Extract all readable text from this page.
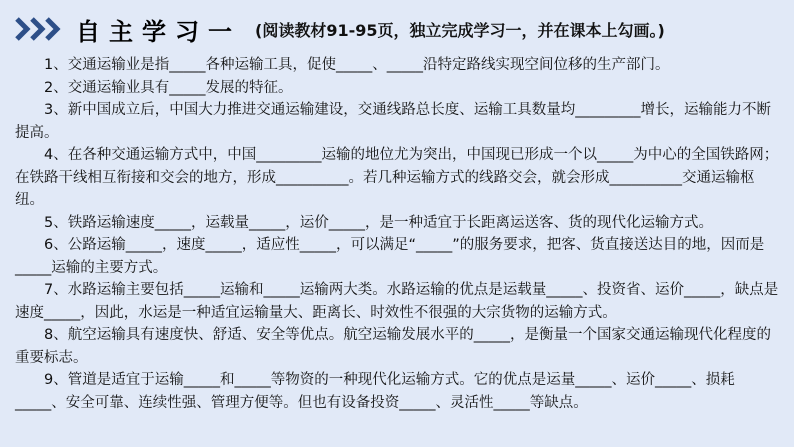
自主学习一 (阅读教材91-95页，独立完成学习一，并在课本上勾画。)

1、交通运输业是指_____各种运输工具，促使_____、_____沿特定路线实现空间位移的生产部门。

2、交通运输业具有_____发展的特征。

3、新中国成立后，中国大力推进交通运输建设，交通线路总长度、运输工具数量均_________增长，运输能力不断提高。

4、在各种交通运输方式中，中国_________运输的地位尤为突出，中国现已形成一个以_____为中心的全国铁路网；在铁路干线相互衔接和交会的地方，形成__________。若几种运输方式的线路交会，就会形成__________交通运输枢纽。

5、铁路运输速度_____，运载量_____，运价_____，是一种适宜于长距离运送客、货的现代化运输方式。

6、公路运输_____，速度_____，适应性_____，可以满足“_____”的服务要求，把客、货直接送达目的地，因而是_____运输的主要方式。

7、水路运输主要包括_____运输和_____运输两大类。水路运输的优点是运载量_____、投资省、运价_____，缺点是速度_____，因此，水运是一种适宜运输量大、距离长、时效性不很强的大宗货物的运输方式。

8、航空运输具有速度快、舒适、安全等优点。航空运输发展水平的_____，是衡量一个国家交通运输现代化程度的重要标志。

9、管道是适宜于运输_____和_____等物资的一种现代化运输方式。它的优点是运量_____、运价_____、损耗_____、安全可靠、连续性强、管理方便等。但也有设备投资_____、灵活性_____等缺点。
